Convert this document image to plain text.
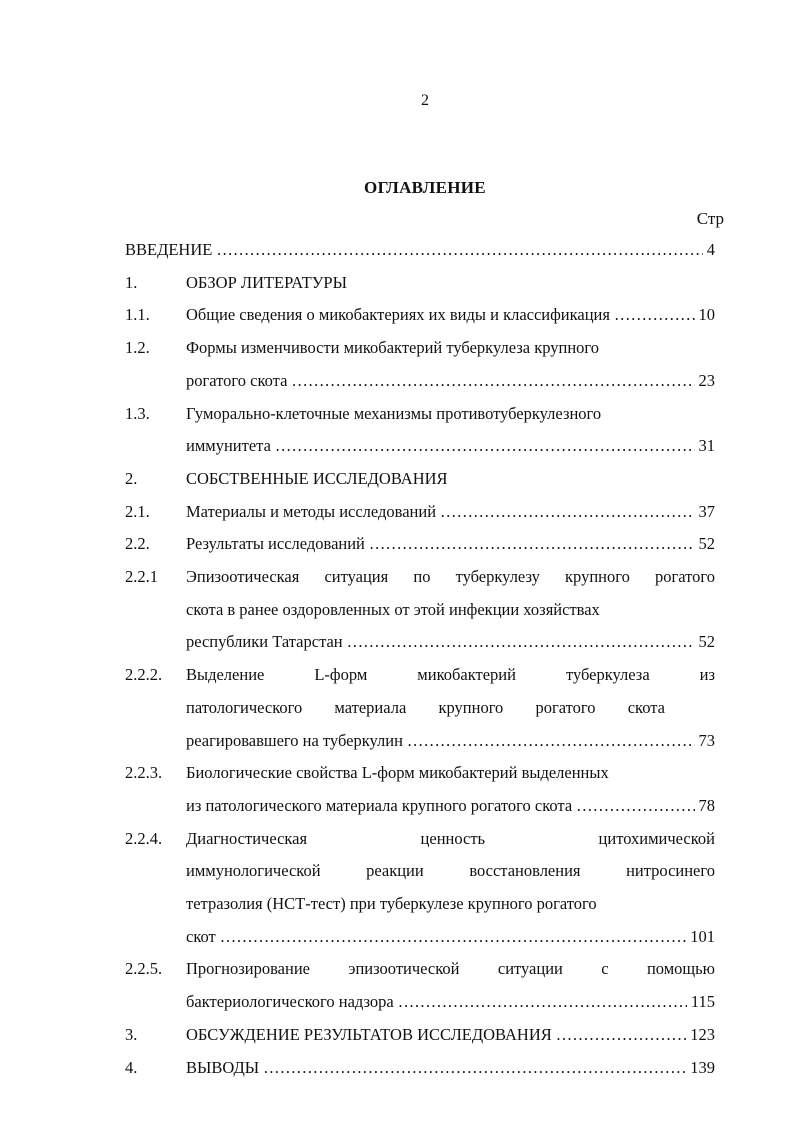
2
ОГЛАВЛЕНИЕ
Стр
ВВЕДЕНИЕ ……………………………………………………………………………………………………………………………………………………	4
1.	ОБЗОР ЛИТЕРАТУРЫ
1.1. Общие сведения о микобактериях их виды и классификация ……………………………………………………………………………………………………………………………………………………	10
1.2. Формы изменчивости микобактерий туберкулеза крупного
рогатого скота ……………………………………………………………………………………………………………………………………………………	23
1.3. Гуморально-клеточные механизмы противотуберкулезного
иммунитета ……………………………………………………………………………………………………………………………………………………	31
2.	СОБСТВЕННЫЕ ИССЛЕДОВАНИЯ
2.1. Материалы и методы исследований ……………………………………………………………………………………………………………………………………………………	37
2.2. Результаты исследований ……………………………………………………………………………………………………………………………………………………	52
2.2.1 Эпизоотическая ситуация по туберкулезу крупного рогатого
скота в ранее оздоровленных от этой инфекции хозяйствах
республики Татарстан ……………………………………………………………………………………………………………………………………………………	52
2.2.2. Выделение L-форм микобактерий туберкулеза из
патологического материала крупного рогатого скота
реагировавшего на туберкулин ……………………………………………………………………………………………………………………………………………………	73
2.2.3. Биологические свойства L-форм микобактерий выделенных
из патологического материала крупного рогатого скота ……………………………………………………………………………………………………………………………………………………	78
2.2.4. Диагностическая ценность цитохимической
иммунологической реакции восстановления нитросинего
тетразолия (НСТ-тест) при туберкулезе крупного рогатого
скот ……………………………………………………………………………………………………………………………………………………	101
2.2.5. Прогнозирование эпизоотической ситуации с помощью
бактериологического надзора ……………………………………………………………………………………………………………………………………………………	115
3.	ОБСУЖДЕНИЕ РЕЗУЛЬТАТОВ ИССЛЕДОВАНИЯ ……………………………………………………………………………………………………………………………………………………	123
4.	ВЫВОДЫ ……………………………………………………………………………………………………………………………………………………	139
